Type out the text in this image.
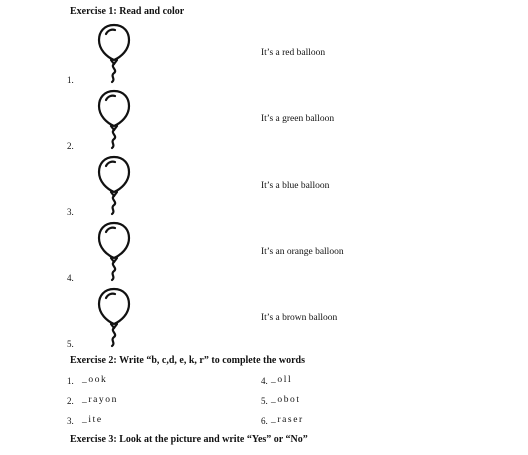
Exercise 1: Read and color
1.
It’s a red balloon
2.
It’s a green balloon
3.
It’s a blue balloon
4.
It’s an orange balloon
5.
It’s a brown balloon
Exercise 2: Write “b, c,d, e, k, r” to complete the words
1. _ook
2. _rayon
3. _ite
4. _oll
5. _obot
6. _raser
Exercise 3: Look at the picture and write “Yes” or “No”
